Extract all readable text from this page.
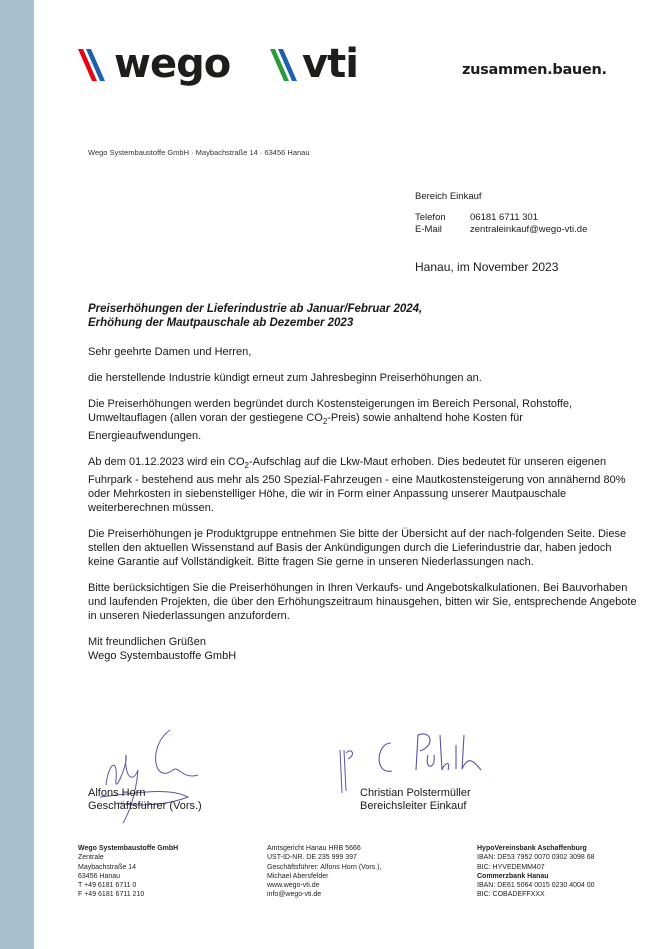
wego vti	zusammen.bauen.
Wego Systembaustoffe GmbH · Maybachstraße 14 · 63456 Hanau
Bereich Einkauf
Telefon	06181 6711 301
E-Mail	zentraleinkauf@wego-vti.de
Hanau, im November 2023
Preiserhöhungen der Lieferindustrie ab Januar/Februar 2024,
Erhöhung der Mautpauschale ab Dezember 2023

Sehr geehrte Damen und Herren,

die herstellende Industrie kündigt erneut zum Jahresbeginn Preiserhöhungen an.

Die Preiserhöhungen werden begründet durch Kostensteigerungen im Bereich Personal, Rohstoffe, Umweltauflagen (allen voran der gestiegene $CO_2-Preis$) sowie anhaltend hohe Kosten für Energieaufwendungen.

Ab dem 01.12.2023 wird ein $CO_2$-Aufschlag auf die Lkw-Maut erhoben. Dies bedeutet für unseren eigenen Fuhrpark - bestehend aus mehr als 250 Spezial-Fahrzeugen - eine Mautkostensteigerung von annähernd 80% oder Mehrkosten in siebenstelliger Höhe, die wir in Form einer Anpassung unserer Mautpauschale weiterberechnen müssen.

Die Preiserhöhungen je Produktgruppe entnehmen Sie bitte der Übersicht auf der nach-folgenden Seite. Diese stellen den aktuellen Wissenstand auf Basis der Ankündigungen durch die Lieferindustrie dar, haben jedoch keine Garantie auf Vollständigkeit. Bitte fragen Sie gerne in unseren Niederlassungen nach.

Bitte berücksichtigen Sie die Preiserhöhungen in Ihren Verkaufs- und Angebotskalkulationen. Bei Bauvorhaben und laufenden Projekten, die über den Erhöhungszeitraum hinausgehen, bitten wir Sie, entsprechende Angebote in unseren Niederlassungen anzufordern.

Mit freundlichen Grüßen
Wego Systembaustoffe GmbH

Alfons Horn
Geschäftsführer (Vors.)
Christian Polstermüller
Bereichsleiter Einkauf
Wego Systembaustoffe GmbH
Zentrale
Maybachstraße 14
63456 Hanau
T +49 6181 6711 0
F +49 6181 6711 210
Amtsgericht Hanau HRB 5666
UST-ID-NR. DE 235 999 397
Geschäftsführer: Alfons Horn (Vors.),
Michael Abersfelder
www.wego-vti.de
info@wego-vti.de
HypoVereinsbank Aschaffenburg
IBAN: DE53 7952 0070 0302 3098 68
BIC: HYVEDEMM407
Commerzbank Hanau
IBAN: DE61 5064 0015 0230 4004 00
BIC: COBADEFFXXX
